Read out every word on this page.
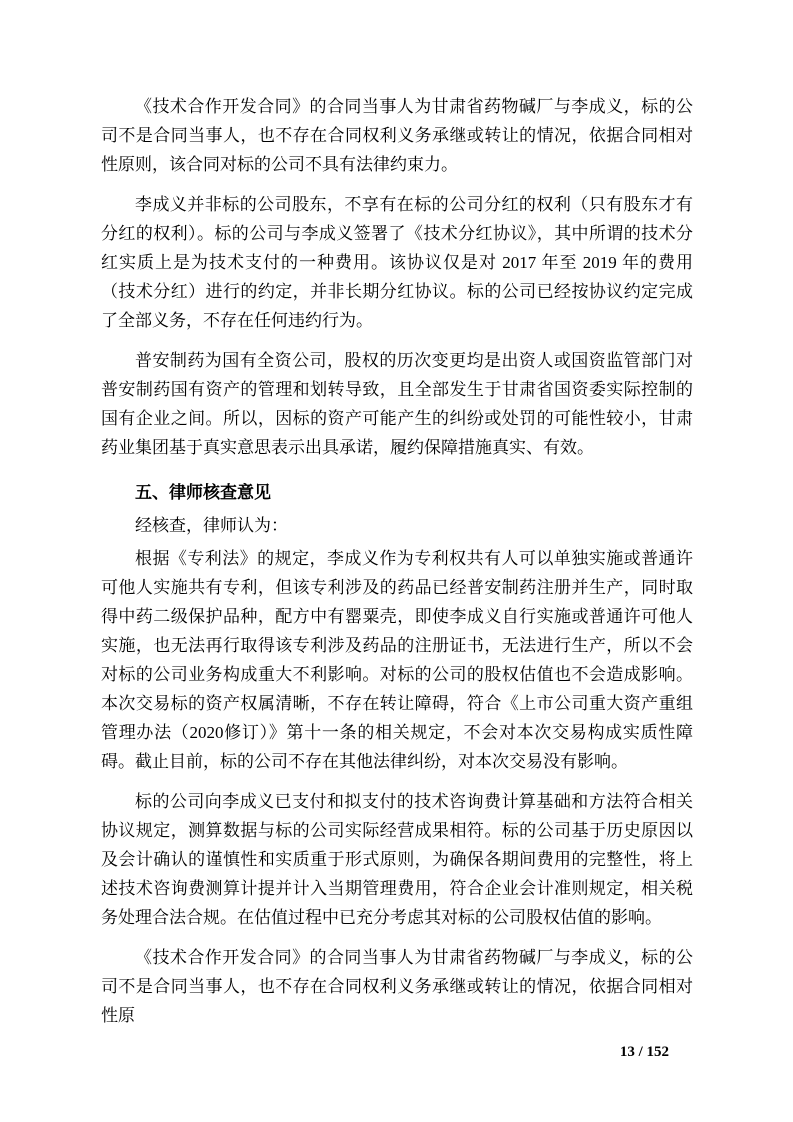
《技术合作开发合同》的合同当事人为甘肃省药物碱厂与李成义，标的公司不是合同当事人，也不存在合同权利义务承继或转让的情况，依据合同相对性原则，该合同对标的公司不具有法律约束力。

李成义并非标的公司股东，不享有在标的公司分红的权利（只有股东才有分红的权利）。标的公司与李成义签署了《技术分红协议》，其中所谓的技术分红实质上是为技术支付的一种费用。该协议仅是对 2017 年至 2019 年的费用（技术分红）进行的约定，并非长期分红协议。标的公司已经按协议约定完成了全部义务，不存在任何违约行为。

普安制药为国有全资公司，股权的历次变更均是出资人或国资监管部门对普安制药国有资产的管理和划转导致，且全部发生于甘肃省国资委实际控制的国有企业之间。所以，因标的资产可能产生的纠纷或处罚的可能性较小，甘肃药业集团基于真实意思表示出具承诺，履约保障措施真实、有效。

五、律师核查意见

经核查，律师认为：

根据《专利法》的规定，李成义作为专利权共有人可以单独实施或普通许可他人实施共有专利，但该专利涉及的药品已经普安制药注册并生产，同时取得中药二级保护品种，配方中有罂粟壳，即使李成义自行实施或普通许可他人实施，也无法再行取得该专利涉及药品的注册证书，无法进行生产，所以不会对标的公司业务构成重大不利影响。对标的公司的股权估值也不会造成影响。本次交易标的资产权属清晰，不存在转让障碍，符合《上市公司重大资产重组管理办法（2020修订）》第十一条的相关规定，不会对本次交易构成实质性障碍。截止目前，标的公司不存在其他法律纠纷，对本次交易没有影响。

标的公司向李成义已支付和拟支付的技术咨询费计算基础和方法符合相关协议规定，测算数据与标的公司实际经营成果相符。标的公司基于历史原因以及会计确认的谨慎性和实质重于形式原则，为确保各期间费用的完整性，将上述技术咨询费测算计提并计入当期管理费用，符合企业会计准则规定，相关税务处理合法合规。在估值过程中已充分考虑其对标的公司股权估值的影响。

《技术合作开发合同》的合同当事人为甘肃省药物碱厂与李成义，标的公司不是合同当事人，也不存在合同权利义务承继或转让的情况，依据合同相对性原

13 / 152
